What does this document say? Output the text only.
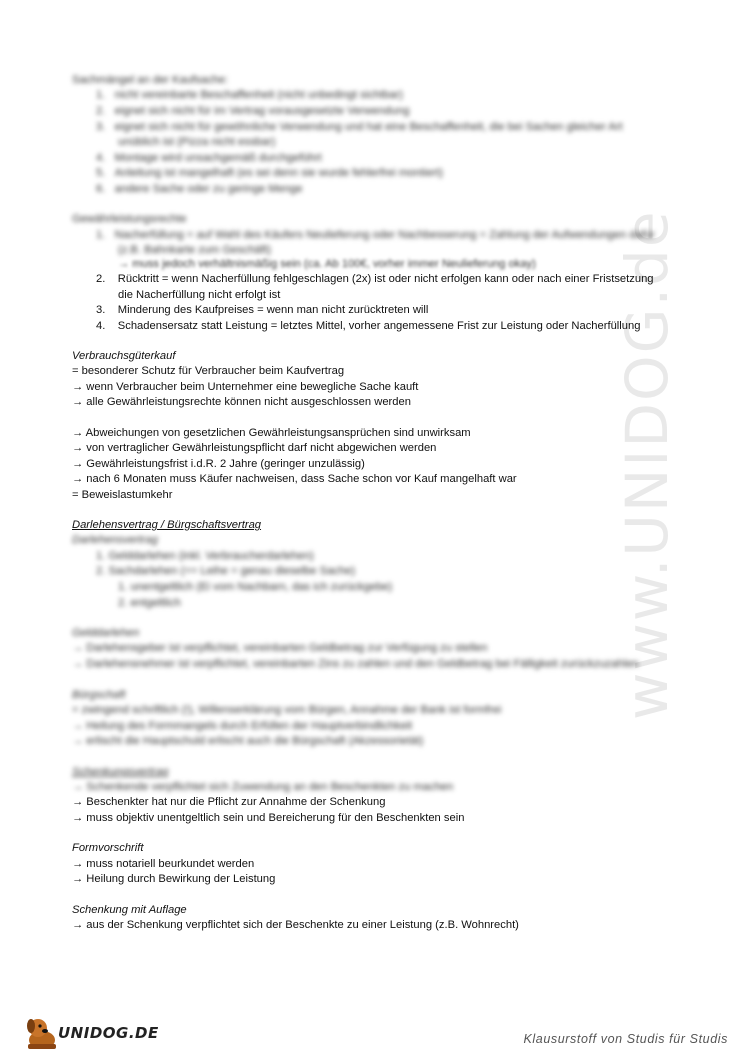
www.UNIDOG.de
Sachmängel an der Kaufsache:
1.   nicht vereinbarte Beschaffenheit (nicht unbedingt sichtbar)
2.   eignet sich nicht für im Vertrag vorausgesetzte Verwendung
3.   eignet sich nicht für gewöhnliche Verwendung und hat eine Beschaffenheit, die bei Sachen gleicher Art
unüblich ist (Pizza nicht essbar)
4.   Montage wird unsachgemäß durchgeführt
5.   Anleitung ist mangelhaft (es sei denn sie wurde fehlerfrei montiert)
6.   andere Sache oder zu geringe Menge
Gewährleistungsrechte
1.   Nacherfüllung = auf Wahl des Käufers Neulieferung oder Nachbesserung = Zahlung der Aufwendungen dafür
(z.B. Bahnkarte zum Geschäft)
→ muss jedoch verhältnismäßig sein (ca. Ab 100€, vorher immer Neulieferung okay)
2. Rücktritt = wenn Nacherfüllung fehlgeschlagen (2x) ist oder nicht erfolgen kann oder nach einer Fristsetzung
die Nacherfüllung nicht erfolgt ist
3. Minderung des Kaufpreises = wenn man nicht zurücktreten will
4. Schadensersatz statt Leistung = letztes Mittel, vorher angemessene Frist zur Leistung oder Nacherfüllung
Verbrauchsgüterkauf
= besonderer Schutz für Verbraucher beim Kaufvertrag
→ wenn Verbraucher beim Unternehmer eine bewegliche Sache kauft
→ alle Gewährleistungsrechte können nicht ausgeschlossen werden
→ Abweichungen von gesetzlichen Gewährleistungsansprüchen sind unwirksam
→ von vertraglicher Gewährleistungspflicht darf nicht abgewichen werden
→ Gewährleistungsfrist i.d.R. 2 Jahre (geringer unzulässig)
→ nach 6 Monaten muss Käufer nachweisen, dass Sache schon vor Kauf mangelhaft war
= Beweislastumkehr
Darlehensvertrag / Bürgschaftsvertrag
Darlehensvertrag
1. Gelddarlehen (inkl. Verbraucherdarlehen)
2. Sachdarlehen (== Leihe = genau dieselbe Sache)
1. unentgeltlich (Ei vom Nachbarn, das ich zurückgebe)
2. entgeltlich
Gelddarlehen
→ Darlehensgeber ist verpflichtet, vereinbarten Geldbetrag zur Verfügung zu stellen
→ Darlehensnehmer ist verpflichtet, vereinbarten Zins zu zahlen und den Geldbetrag bei Fälligkeit zurückzuzahlen
Bürgschaft
= zwingend schriftlich (!), Willenserklärung vom Bürgen, Annahme der Bank ist formfrei
→ Heilung des Formmangels durch Erfüllen der Hauptverbindlichkeit
→ erlischt die Hauptschuld erlischt auch die Bürgschaft (Akzessorietät)
Schenkungsvertrag
→ Schenkende verpflichtet sich Zuwendung an den Beschenkten zu machen
→ Beschenkter hat nur die Pflicht zur Annahme der Schenkung
→ muss objektiv unentgeltlich sein und Bereicherung für den Beschenkten sein
Formvorschrift
→ muss notariell beurkundet werden
→ Heilung durch Bewirkung der Leistung
Schenkung mit Auflage
→ aus der Schenkung verpflichtet sich der Beschenkte zu einer Leistung (z.B. Wohnrecht)
UNIDOG.DE	Klausurstoff von Studis für Studis
